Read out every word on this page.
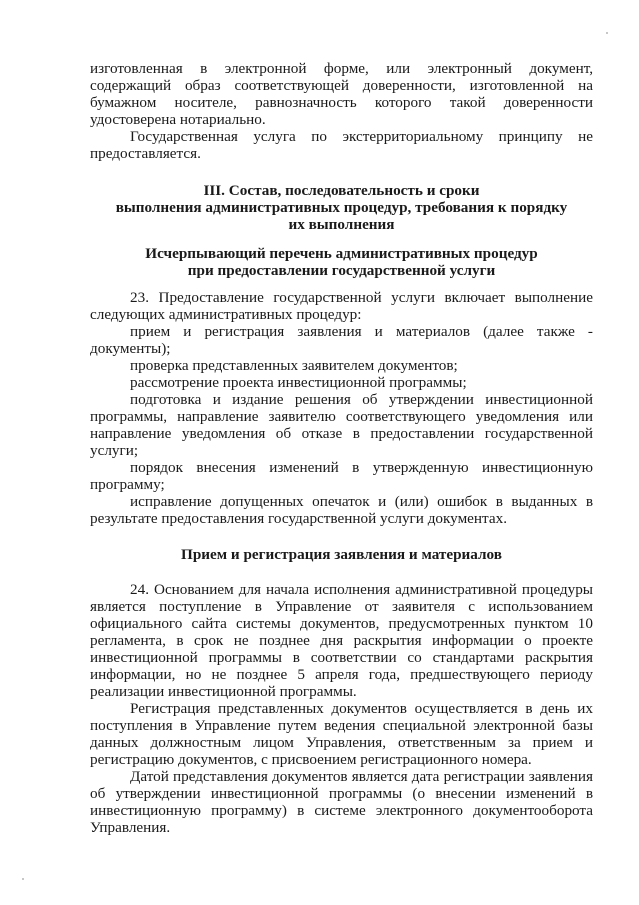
изготовленная в электронной форме, или электронный документ,
содержащий образ соответствующей доверенности, изготовленной на
бумажном носителе, равнозначность которого такой доверенности
удостоверена нотариально.
Государственная услуга по экстерриториальному принципу не
предоставляется.
III. Состав, последовательность и сроки
выполнения административных процедур, требования к порядку
их выполнения
Исчерпывающий перечень административных процедур
при предоставлении государственной услуги
23. Предоставление государственной услуги включает выполнение
следующих административных процедур:
прием и регистрация заявления и материалов (далее также -
документы);
проверка представленных заявителем документов;
рассмотрение проекта инвестиционной программы;
подготовка и издание решения об утверждении инвестиционной
программы, направление заявителю соответствующего уведомления или
направление уведомления об отказе в предоставлении государственной
услуги;
порядок внесения изменений в утвержденную инвестиционную
программу;
исправление допущенных опечаток и (или) ошибок в выданных в
результате предоставления государственной услуги документах.
Прием и регистрация заявления и материалов
24. Основанием для начала исполнения административной процедуры
является поступление в Управление от заявителя с использованием
официального сайта системы документов, предусмотренных пунктом 10
регламента, в срок не позднее дня раскрытия информации о проекте
инвестиционной программы в соответствии со стандартами раскрытия
информации, но не позднее 5 апреля года, предшествующего периоду
реализации инвестиционной программы.
Регистрация представленных документов осуществляется в день их
поступления в Управление путем ведения специальной электронной базы
данных должностным лицом Управления, ответственным за прием и
регистрацию документов, с присвоением регистрационного номера.
Датой представления документов является дата регистрации заявления
об утверждении инвестиционной программы (о внесении изменений в
инвестиционную программу) в системе электронного документооборота
Управления.
